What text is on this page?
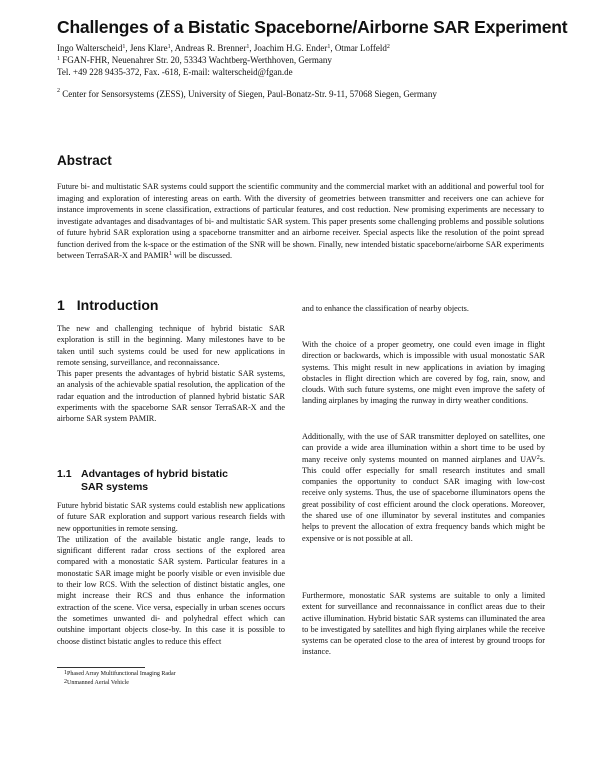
Challenges of a Bistatic Spaceborne/Airborne SAR Experiment
Ingo Walterscheid$^1$, Jens Klare$^1$, Andreas R. Brenner$^1$, Joachim H.G. Ender$^1$, Otmar Loffeld$^2$
$^1$ FGAN-FHR, Neuenahrer Str. 20, 53343 Wachtberg-Werthhoven, Germany
Tel. +49 228 9435-372, Fax. -618, E-mail: walterscheid@fgan.de
$^2$ Center for Sensorsystems (ZESS), University of Siegen, Paul-Bonatz-Str. 9-11, 57068 Siegen, Germany
Abstract

Future bi- and multistatic SAR systems could support the scientific community and the commercial market with an additional and powerful tool for imaging and exploration of interesting areas on earth. With the diversity of geometries between transmitter and receivers one can achieve for instance improvements in scene classification, extractions of particular features, and cost reduction. New promising experiments are necessary to investigate advantages and disadvantages of bi- and multistatic SAR system. This paper presents some challenging problems and possible solutions of future hybrid SAR exploration using a spaceborne transmitter and an airborne receiver. Special aspects like the resolution of the point spread function derived from the k-space or the estimation of the SNR will be shown. Finally, new intended bistatic spaceborne/airborne SAR experiments between TerraSAR-X and PAMIR$^1$ will be discussed.

1 Introduction

The new and challenging technique of hybrid bistatic SAR exploration is still in the beginning. Many milestones have to be taken until such systems could be used for new applications in remote sensing, surveillance, and reconnaissance.

This paper presents the advantages of hybrid bistatic SAR systems, an analysis of the achievable spatial resolution, the application of the radar equation and the introduction of planned hybrid bistatic SAR experiments with the spaceborne SAR sensor TerraSAR-X and the airborne SAR system PAMIR.

1.1 Advantages of hybrid bistatic
SAR systems

Future hybrid bistatic SAR systems could establish new applications of future SAR exploration and support various research fields with new opportunities in remote sensing.

The utilization of the available bistatic angle range, leads to significant different radar cross sections of the explored area compared with a monostatic SAR system. Particular features in a monostatic SAR image might be poorly visible or even invisible due to their low RCS. With the selection of distinct bistatic angles, one might increase their RCS and thus enhance the information extraction of the scene. Vice versa, especially in urban scenes occurs the sometimes unwanted di- and polyhedral effect which can outshine important objects close-by. In this case it is possible to choose distinct bistatic angles to reduce this effect

and to enhance the classification of nearby objects.

With the choice of a proper geometry, one could even image in flight direction or backwards, which is impossible with usual monostatic SAR systems. This might result in new applications in aviation by imaging obstacles in flight direction which are covered by fog, rain, snow, and clouds. With such future systems, one might even improve the safety of landing airplanes by imaging the runway in dirty weather conditions.

Additionally, with the use of SAR transmitter deployed on satellites, one can provide a wide area illumination within a short time to be used by many receive only systems mounted on manned airplanes and UAV$^2$s. This could offer especially for small research institutes and small companies the opportunity to conduct SAR imaging with low-cost receive only systems. Thus, the use of spaceborne illuminators opens the great possibility of cost efficient around the clock operations. Moreover, the shared use of one illuminator by several institutes and companies helps to prevent the allocation of extra frequency bands which might be expensive or is not possible at all.

Furthermore, monostatic SAR systems are suitable to only a limited extent for surveillance and reconnaissance in conflict areas due to their active illumination. Hybrid bistatic SAR systems can illuminated the area to be investigated by satellites and high flying airplanes while the receive systems can be operated close to the area of interest by ground troops for instance.

$^1$Phased Array Multifunctional Imaging Radar
$^2$Unmanned Aerial Vehicle
